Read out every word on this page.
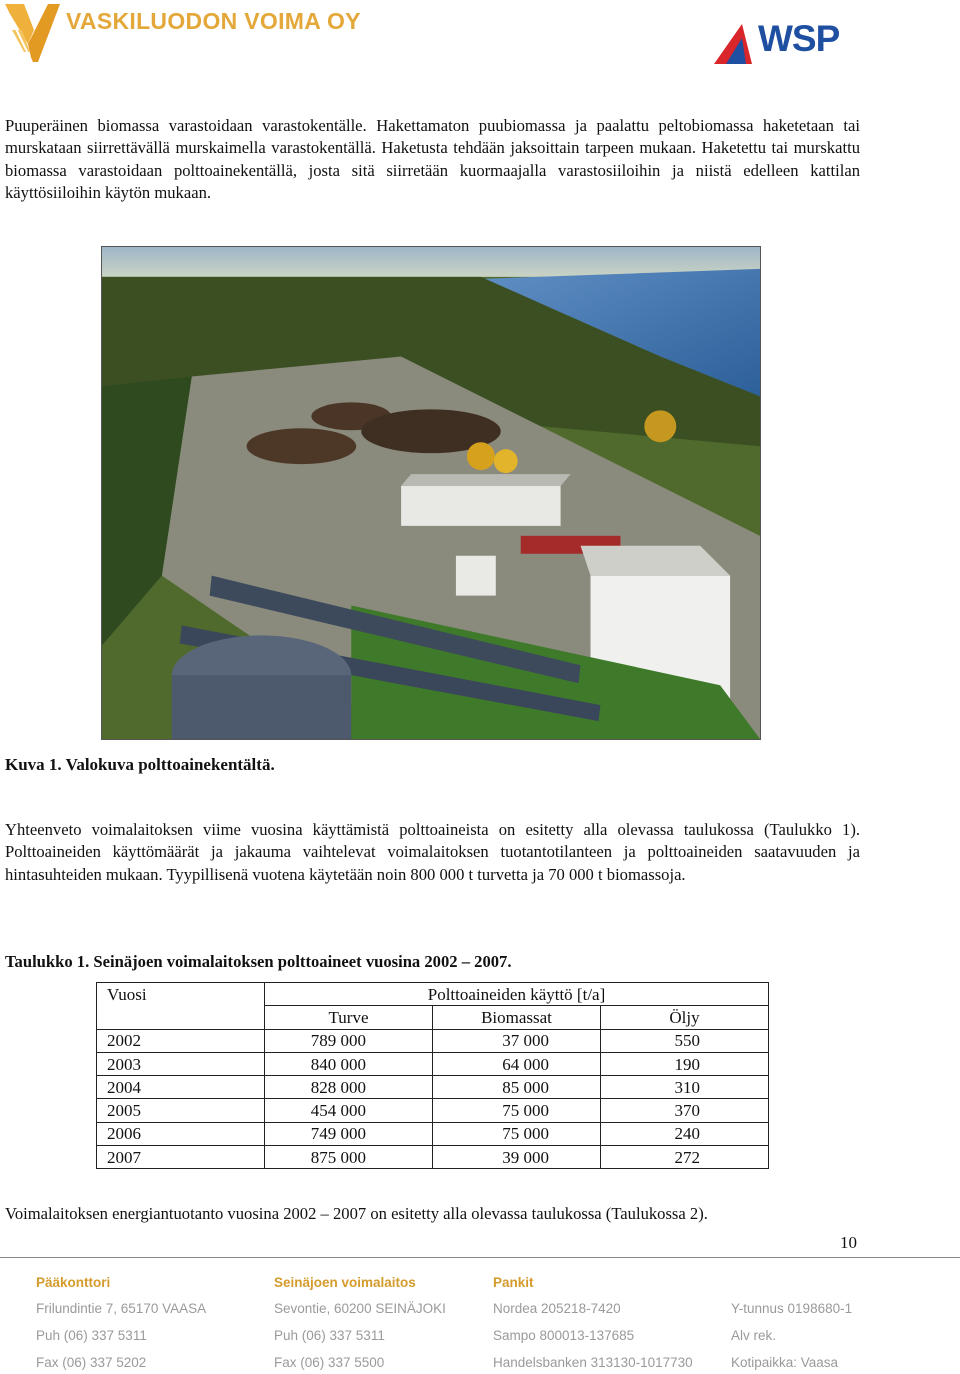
VASKILUODON VOIMA OY	WSP
Puuperäinen biomassa varastoidaan varastokentälle. Hakettamaton puubiomassa ja paalattu peltobiomassa haketetaan tai murskataan siirrettävällä murskaimella varastokentällä. Haketusta tehdään jaksoittain tarpeen mukaan. Haketettu tai murskattu biomassa varastoidaan polttoainekentällä, josta sitä siirretään kuormaajalla varastosiiloihin ja niistä edelleen kattilan käyttösiiloihin käytön mukaan.
Kuva 1. Valokuva polttoainekentältä.
Yhteenveto voimalaitoksen viime vuosina käyttämistä polttoaineista on esitetty alla olevassa taulukossa (Taulukko 1). Polttoaineiden käyttömäärät ja jakauma vaihtelevat voimalaitoksen tuotantotilanteen ja polttoaineiden saatavuuden ja hintasuhteiden mukaan. Tyypillisenä vuotena käytetään noin 800 000 t turvetta ja 70 000 t biomassoja.
Taulukko 1. Seinäjoen voimalaitoksen polttoaineet vuosina 2002 – 2007.
Vuosi	Polttoaineiden käyttö [t/a]		
	Turve	Biomassat	Öljy
2002	789 000	37 000	550
2003	840 000	64 000	190
2004	828 000	85 000	310
2005	454 000	75 000	370
2006	749 000	75 000	240
2007	875 000	39 000	272
Voimalaitoksen energiantuotanto vuosina 2002 – 2007 on esitetty alla olevassa taulukossa (Taulukossa 2).
10
Pääkonttori
Frilundintie 7, 65170 VAASA
Puh (06) 337 5311
Fax (06) 337 5202
Seinäjoen voimalaitos
Sevontie, 60200 SEINÄJOKI
Puh (06) 337 5311
Fax (06) 337 5500
Pankit
Nordea 205218-7420
Sampo 800013-137685
Handelsbanken 313130-1017730
Y-tunnus 0198680-1
Alv rek.
Kotipaikka: Vaasa
